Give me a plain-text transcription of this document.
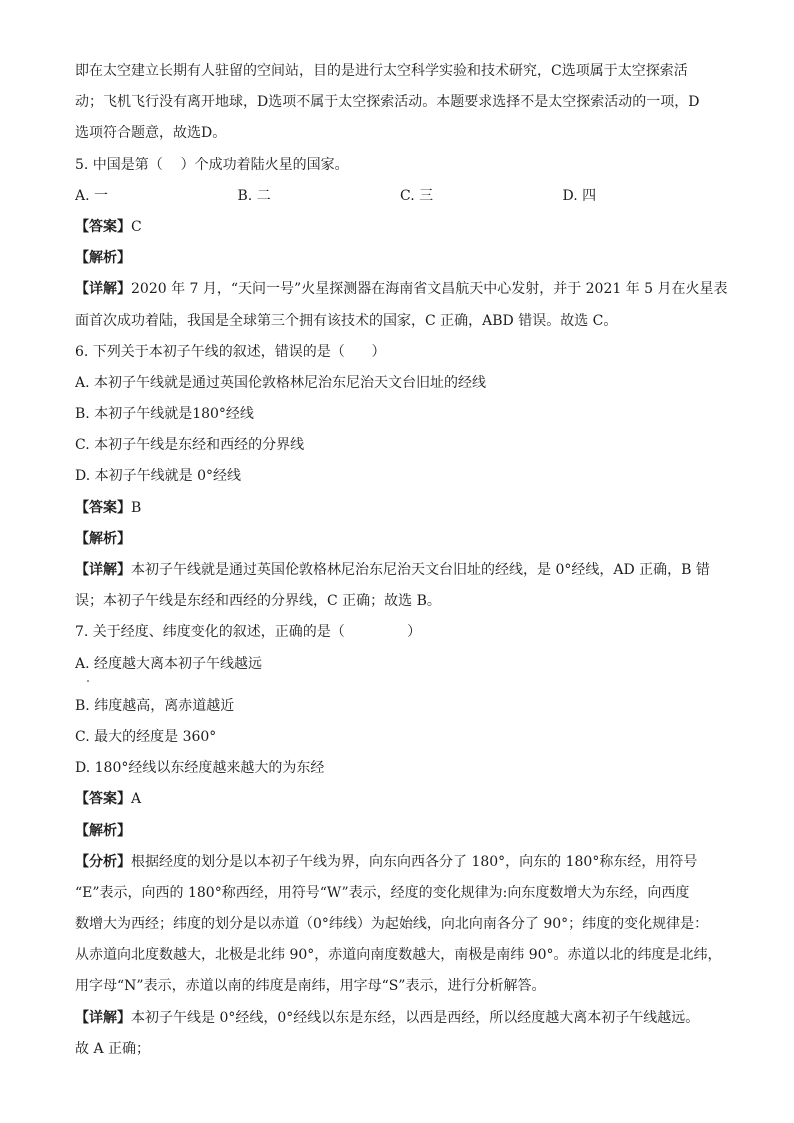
即在太空建立长期有人驻留的空间站，目的是进行太空科学实验和技术研究，C选项属于太空探索活
动；飞机飞行没有离开地球，D选项不属于太空探索活动。本题要求选择不是太空探索活动的一项，D
选项符合题意，故选D。
5. 中国是第（    ）个成功着陆火星的国家。
A. 一	B. 二	C. 三	D. 四
【答案】C
【解析】
【详解】2020 年 7 月，“天问一号”火星探测器在海南省文昌航天中心发射，并于 2021 年 5 月在火星表
面首次成功着陆，我国是全球第三个拥有该技术的国家，C 正确，ABD 错误。故选 C。
6. 下列关于本初子午线的叙述，错误的是（      ）
A. 本初子午线就是通过英国伦敦格林尼治东尼治天文台旧址的经线
B. 本初子午线就是180°经线
C. 本初子午线是东经和西经的分界线
D. 本初子午线就是 0°经线
【答案】B
【解析】
【详解】本初子午线就是通过英国伦敦格林尼治东尼治天文台旧址的经线，是 0°经线，AD 正确，B 错
误；本初子午线是东经和西经的分界线，C 正确；故选 B。
7. 关于经度、纬度变化的叙述，正确的是（              ）
A. 经度越大离本初子午线越远
B. 纬度越高，离赤道越近
C. 最大的经度是 360°
D. 180°经线以东经度越来越大的为东经
【答案】A
【解析】
【分析】根据经度的划分是以本初子午线为界，向东向西各分了 180°，向东的 180°称东经，用符号
“E”表示，向西的 180°称西经，用符号“W”表示，经度的变化规律为:向东度数增大为东经，向西度
数增大为西经；纬度的划分是以赤道（0°纬线）为起始线，向北向南各分了 90°；纬度的变化规律是：
从赤道向北度数越大，北极是北纬 90°，赤道向南度数越大，南极是南纬 90°。赤道以北的纬度是北纬，
用字母“N”表示，赤道以南的纬度是南纬，用字母“S”表示，进行分析解答。
【详解】本初子午线是 0°经线，0°经线以东是东经，以西是西经，所以经度越大离本初子午线越远。
故 A 正确；
